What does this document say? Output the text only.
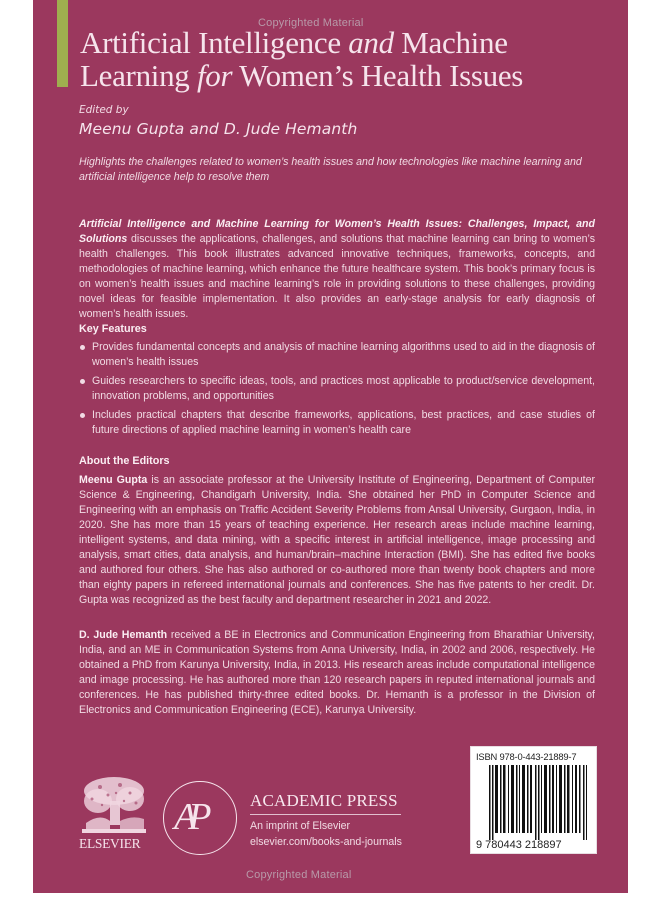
Copyrighted Material
Artificial Intelligence and Machine
Learning for Women’s Health Issues
Edited by
Meenu Gupta and D. Jude Hemanth
Highlights the challenges related to women’s health issues and how technologies like machine learning and artificial intelligence help to resolve them
Artificial Intelligence and Machine Learning for Women’s Health Issues: Challenges, Impact, and Solutions discusses the applications, challenges, and solutions that machine learning can bring to women’s health challenges. This book illustrates advanced innovative techniques, frameworks, concepts, and methodologies of machine learning, which enhance the future healthcare system. This book’s primary focus is on women’s health issues and machine learning’s role in providing solutions to these challenges, providing novel ideas for feasible implementation. It also provides an early-stage analysis for early diagnosis of women’s health issues.
Key Features
Provides fundamental concepts and analysis of machine learning algorithms used to aid in the diagnosis of women’s health issues
Guides researchers to specific ideas, tools, and practices most applicable to product/service development, innovation problems, and opportunities
Includes practical chapters that describe frameworks, applications, best practices, and case studies of future directions of applied machine learning in women’s health care
About the Editors
Meenu Gupta is an associate professor at the University Institute of Engineering, Department of Computer Science & Engineering, Chandigarh University, India. She obtained her PhD in Computer Science and Engineering with an emphasis on Traffic Accident Severity Problems from Ansal University, Gurgaon, India, in 2020. She has more than 15 years of teaching experience. Her research areas include machine learning, intelligent systems, and data mining, with a specific interest in artificial intelligence, image processing and analysis, smart cities, data analysis, and human/brain–machine Interaction (BMI). She has edited five books and authored four others. She has also authored or co-authored more than twenty book chapters and more than eighty papers in refereed international journals and conferences. She has five patents to her credit. Dr. Gupta was recognized as the best faculty and department researcher in 2021 and 2022.
D. Jude Hemanth received a BE in Electronics and Communication Engineering from Bharathiar University, India, and an ME in Communication Systems from Anna University, India, in 2002 and 2006, respectively. He obtained a PhD from Karunya University, India, in 2013. His research areas include computational intelligence and image processing. He has authored more than 120 research papers in reputed international journals and conferences. He has published thirty-three edited books. Dr. Hemanth is a professor in the Division of Electronics and Communication Engineering (ECE), Karunya University.
ELSEVIER
AP	ACADEMIC PRESS
An imprint of Elsevier
elsevier.com/books-and-journals
ISBN 978-0-443-21889-7
9 780443 218897
Copyrighted Material
